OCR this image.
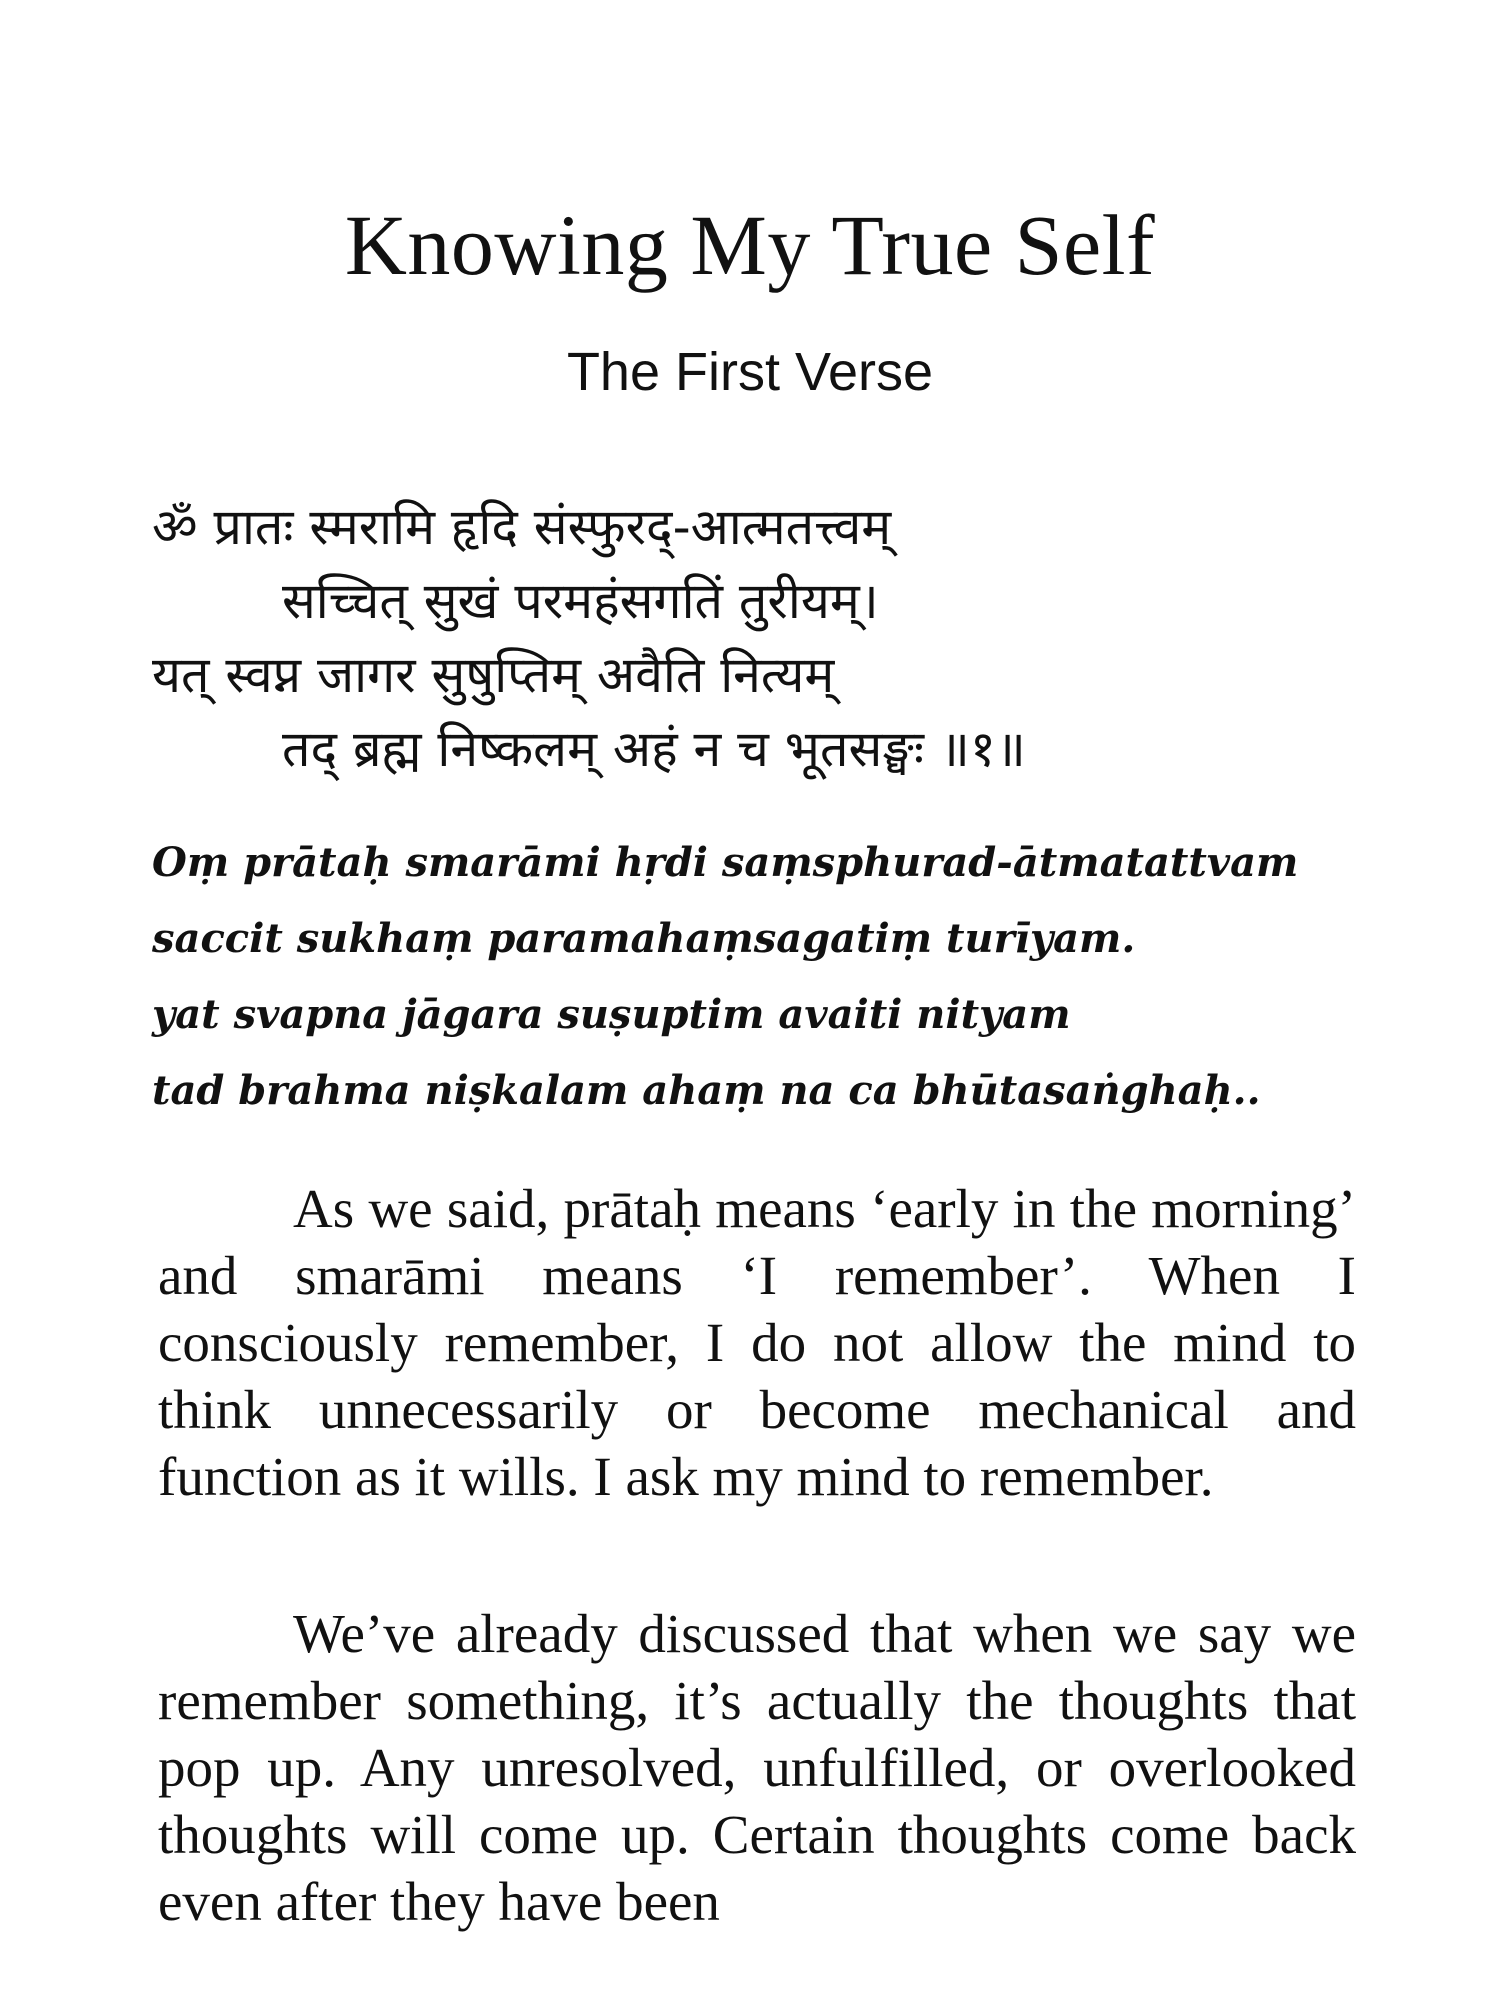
Knowing My True Self
The First Verse
ॐ प्रातः स्मरामि हृदि संस्फुरद्-आत्मतत्त्वम्
सच्चित् सुखं परमहंसगतिं तुरीयम्।
यत् स्वप्न जागर सुषुप्तिम् अवैति नित्यम्
तद् ब्रह्म निष्कलम् अहं न च भूतसङ्घः ॥१॥
Oṃ prātaḥ smarāmi hṛdi saṃsphurad-ātmatattvam
saccit sukhaṃ paramahaṃsagatiṃ turīyam.
yat svapna jāgara suṣuptim avaiti nityam
tad brahma niṣkalam ahaṃ na ca bhūtasaṅghaḥ..
As we said, prātaḥ means ‘early in the morning’ and smarāmi means ‘I remember’. When I consciously remember, I do not allow the mind to think unnecessarily or become mechanical and function as it wills. I ask my mind to remember.
We’ve already discussed that when we say we remember something, it’s actually the thoughts that pop up. Any unresolved, unfulfilled, or overlooked thoughts will come up. Certain thoughts come back even after they have been
